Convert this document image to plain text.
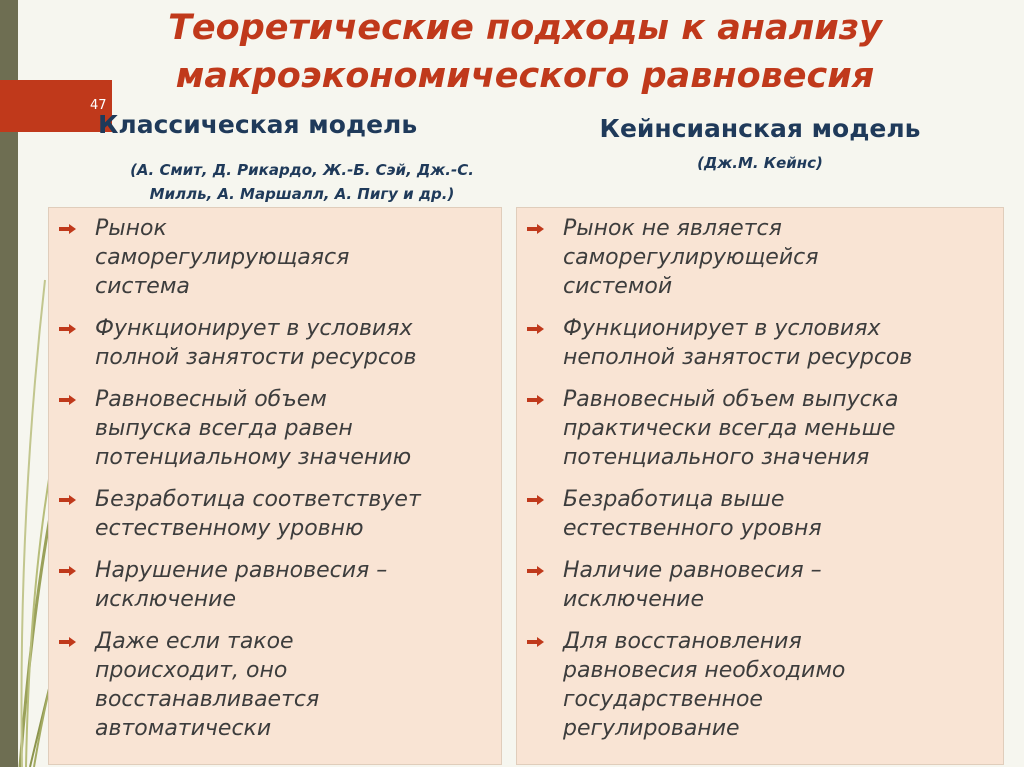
47
Теоретические подходы к анализу
макроэкономического равновесия
Классическая модель
(А. Смит, Д. Рикардо, Ж.-Б. Сэй, Дж.-С.
Милль, А. Маршалл, А. Пигу и др.)
Кейнсианская модель
(Дж.М. Кейнс)
Рынок
саморегулирующаяся
система
Функционирует в условиях
полной занятости ресурсов
Равновесный объем
выпуска всегда равен
потенциальному значению
Безработица соответствует
естественному уровню
Нарушение равновесия –
исключение
Даже если такое
происходит, оно
восстанавливается
автоматически
Рынок не является
саморегулирующейся
системой
Функционирует в условиях
неполной занятости ресурсов
Равновесный объем выпуска
практически всегда меньше
потенциального значения
Безработица выше
естественного уровня
Наличие равновесия –
исключение
Для восстановления
равновесия необходимо
государственное
регулирование
